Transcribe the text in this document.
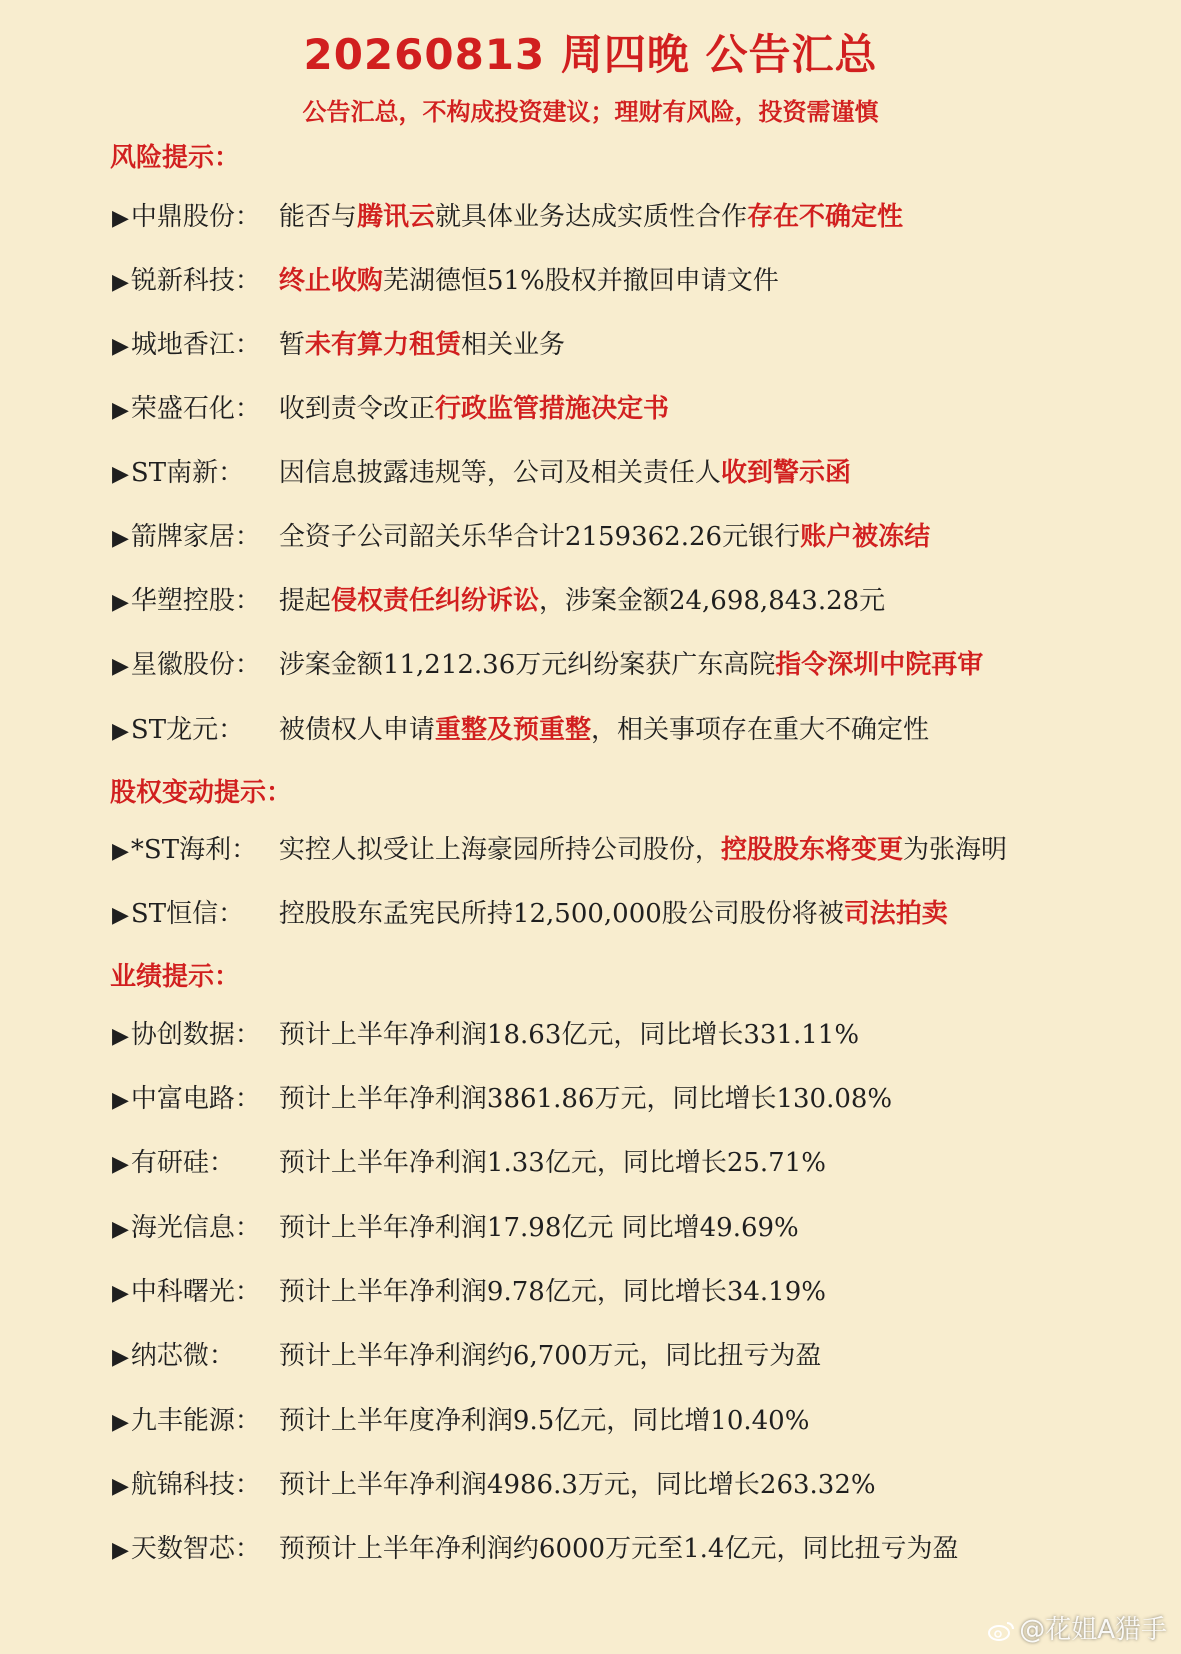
20260813 周四晚 公告汇总
公告汇总，不构成投资建议；理财有风险，投资需谨慎
风险提示：
▶中鼎股份： 能否与腾讯云就具体业务达成实质性合作存在不确定性
▶锐新科技： 终止收购芜湖德恒51%股权并撤回申请文件
▶城地香江： 暂未有算力租赁相关业务
▶荣盛石化： 收到责令改正行政监管措施决定书
▶ST南新： 因信息披露违规等，公司及相关责任人收到警示函
▶箭牌家居： 全资子公司韶关乐华合计2159362.26元银行账户被冻结
▶华塑控股： 提起侵权责任纠纷诉讼，涉案金额24,698,843.28元
▶星徽股份： 涉案金额11,212.36万元纠纷案获广东高院指令深圳中院再审
▶ST龙元： 被债权人申请重整及预重整，相关事项存在重大不确定性
股权变动提示：
▶*ST海利： 实控人拟受让上海豪园所持公司股份，控股股东将变更为张海明
▶ST恒信： 控股股东孟宪民所持12,500,000股公司股份将被司法拍卖
业绩提示：
▶协创数据： 预计上半年净利润18.63亿元，同比增长331.11%
▶中富电路： 预计上半年净利润3861.86万元，同比增长130.08%
▶有研硅： 预计上半年净利润1.33亿元，同比增长25.71%
▶海光信息： 预计上半年净利润17.98亿元 同比增49.69%
▶中科曙光： 预计上半年净利润9.78亿元，同比增长34.19%
▶纳芯微： 预计上半年净利润约6,700万元，同比扭亏为盈
▶九丰能源： 预计上半年度净利润9.5亿元，同比增10.40%
▶航锦科技： 预计上半年净利润4986.3万元，同比增长263.32%
▶天数智芯： 预预计上半年净利润约6000万元至1.4亿元，同比扭亏为盈
@花姐A猎手
